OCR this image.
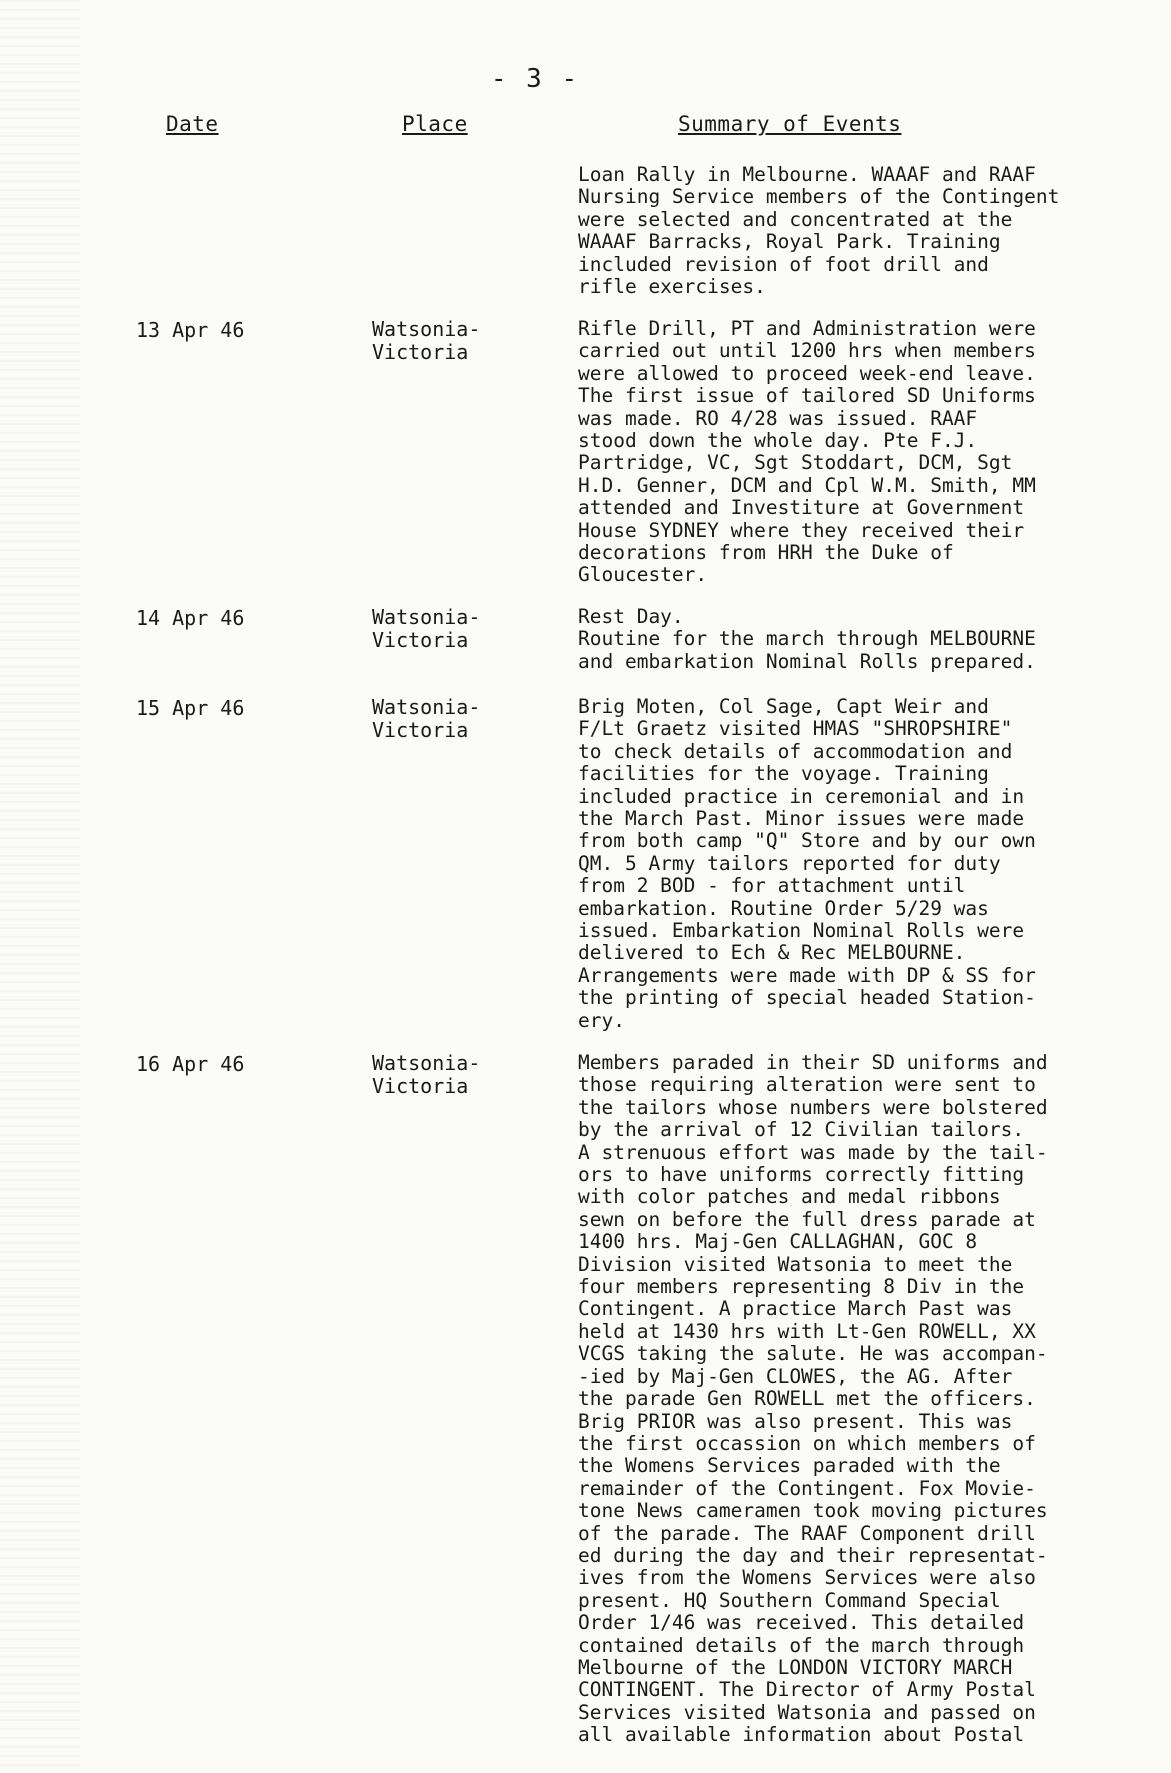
- 3 -
Date	Place	Summary of Events
Loan Rally in Melbourne. WAAAF and RAAF
Nursing Service members of the Contingent
were selected and concentrated at the
WAAAF Barracks, Royal Park. Training
included revision of foot drill and
rifle exercises.
13 Apr 46	Watsonia-
Victoria
Rifle Drill, PT and Administration were
carried out until 1200 hrs when members
were allowed to proceed week-end leave.
The first issue of tailored SD Uniforms
was made. RO 4/28 was issued. RAAF
stood down the whole day. Pte F.J.
Partridge, VC, Sgt Stoddart, DCM, Sgt
H.D. Genner, DCM and Cpl W.M. Smith, MM
attended and Investiture at Government
House SYDNEY where they received their
decorations from HRH the Duke of
Gloucester.
14 Apr 46	Watsonia-
Victoria
Rest Day.
Routine for the march through MELBOURNE
and embarkation Nominal Rolls prepared.
15 Apr 46	Watsonia-
Victoria
Brig Moten, Col Sage, Capt Weir and
F/Lt Graetz visited HMAS "SHROPSHIRE"
to check details of accommodation and
facilities for the voyage. Training
included practice in ceremonial and in
the March Past. Minor issues were made
from both camp "Q" Store and by our own
QM. 5 Army tailors reported for duty
from 2 BOD - for attachment until
embarkation. Routine Order 5/29 was
issued. Embarkation Nominal Rolls were
delivered to Ech & Rec MELBOURNE.
Arrangements were made with DP & SS for
the printing of special headed Station-
ery.
16 Apr 46	Watsonia-
Victoria
Members paraded in their SD uniforms and
those requiring alteration were sent to
the tailors whose numbers were bolstered
by the arrival of 12 Civilian tailors.
A strenuous effort was made by the tail-
ors to have uniforms correctly fitting
with color patches and medal ribbons
sewn on before the full dress parade at
1400 hrs. Maj-Gen CALLAGHAN, GOC 8
Division visited Watsonia to meet the
four members representing 8 Div in the
Contingent. A practice March Past was
held at 1430 hrs with Lt-Gen ROWELL, XX
VCGS taking the salute. He was accompan-
-ied by Maj-Gen CLOWES, the AG. After
the parade Gen ROWELL met the officers.
Brig PRIOR was also present. This was
the first occassion on which members of
the Womens Services paraded with the
remainder of the Contingent. Fox Movie-
tone News cameramen took moving pictures
of the parade. The RAAF Component drill
ed during the day and their representat-
ives from the Womens Services were also
present. HQ Southern Command Special
Order 1/46 was received. This detailed
contained details of the march through
Melbourne of the LONDON VICTORY MARCH
CONTINGENT. The Director of Army Postal
Services visited Watsonia and passed on
all available information about Postal
